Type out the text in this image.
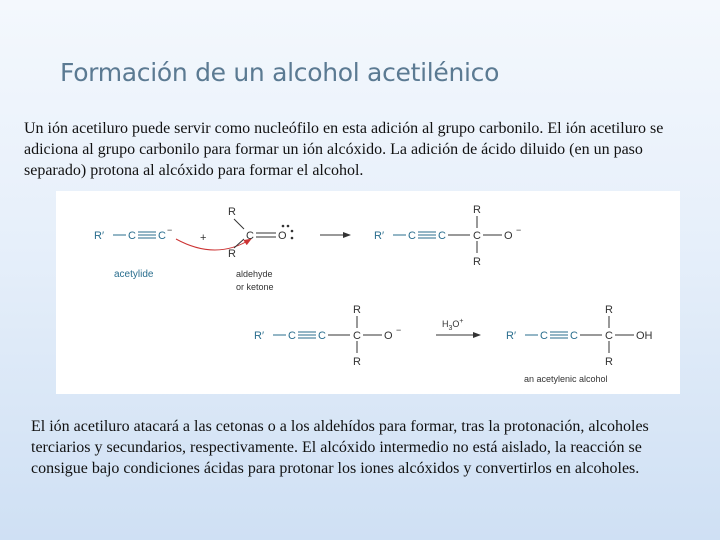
Formación de un alcohol acetilénico

Un ión acetiluro puede servir como nucleófilo en esta adición al grupo carbonilo. El ión acetiluro se adiciona al grupo carbonilo para formar un ión alcóxido. La adición de ácido diluido (en un paso separado) protona al alcóxido para formar el alcohol.

R′ C C −
+
R
R
C O
acetylide	aldehyde
or ketone
R′ C C C
R
R
O −
R′ C C C
R
R
O −
$H_3O^+$
R′ C C C
R
R
OH
an acetylenic alcohol

El ión acetiluro atacará a las cetonas o a los aldehídos para formar, tras la protonación, alcoholes terciarios y secundarios, respectivamente. El alcóxido intermedio no está aislado, la reacción se consigue bajo condiciones ácidas para protonar los iones alcóxidos y convertirlos en alcoholes.
